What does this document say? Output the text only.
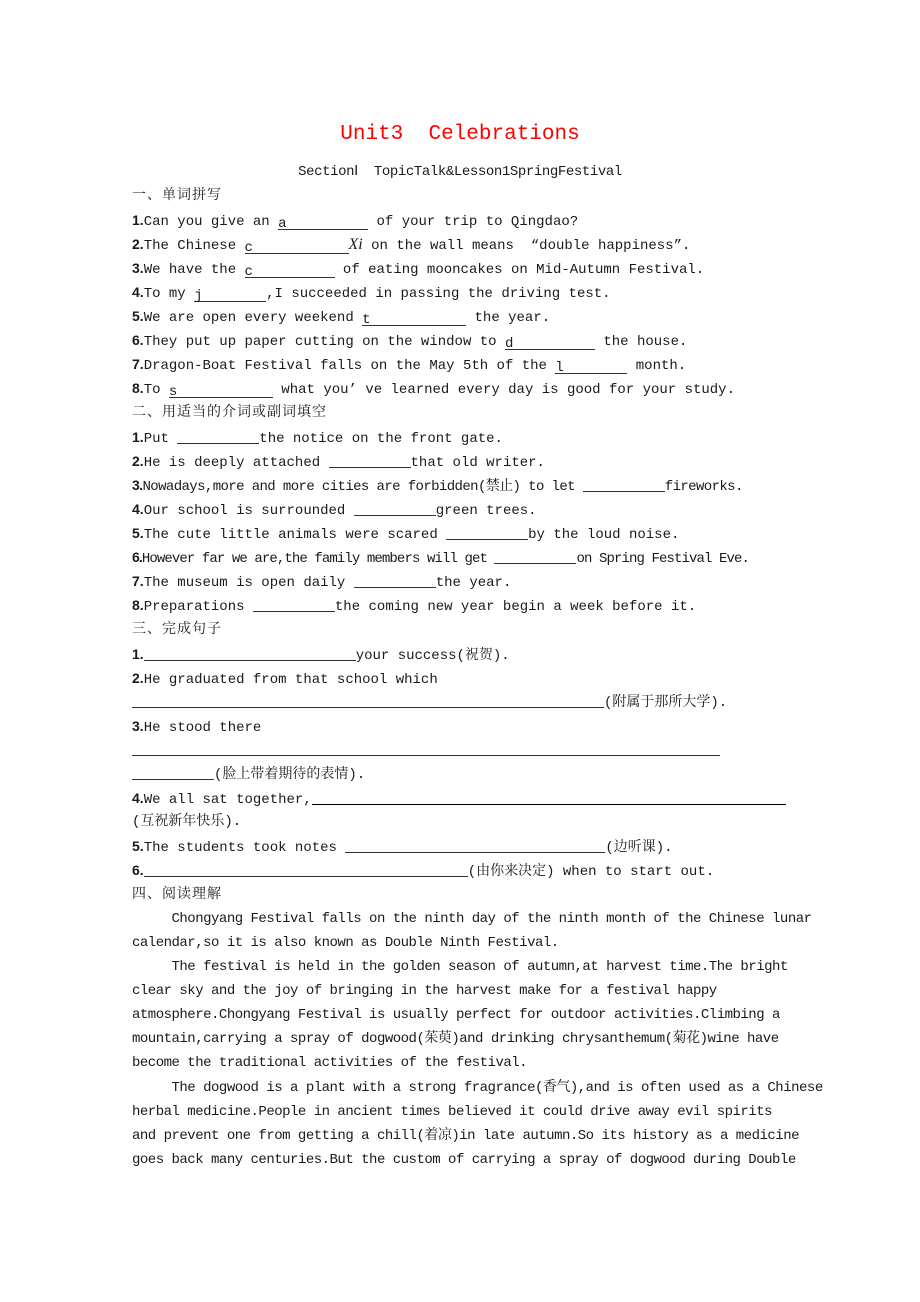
Unit3  Celebrations
SectionⅠ  TopicTalk&Lesson1SpringFestival
一、单词拼写
1.Can you give an a	of your trip to Qingdao?
2.The Chinese c	Xi on the wall means  “double happiness”.
3.We have the c	of eating mooncakes on Mid-Autumn Festival.
4.To my j	,I succeeded in passing the driving test.
5.We are open every weekend t	the year.
6.They put up paper cutting on the window to d	the house.
7.Dragon-Boat Festival falls on the May 5th of the l	month.
8.To s	what you’ ve learned every day is good for your study.
二、用适当的介词或副词填空
1.Put	the notice on the front gate.
2.He is deeply attached	that old writer.
3.Nowadays,more and more cities are forbidden(禁止) to let	fireworks.
4.Our school is surrounded	green trees.
5.The cute little animals were scared	by the loud noise.
6.However far we are,the family members will get	on Spring Festival Eve.
7.The museum is open daily	the year.
8.Preparations	the coming new year begin a week before it.
三、完成句子
1.	your success(祝贺).
2.He graduated from that school which
(附属于那所大学).
3.He stood there
(脸上带着期待的表情).
4.We all sat together,
(互祝新年快乐).
5.The students took notes	(边听课).
6.	(由你来决定) when to start out.
四、阅读理解
Chongyang Festival falls on the ninth day of the ninth month of the Chinese lunar
calendar,so it is also known as Double Ninth Festival.
The festival is held in the golden season of autumn,at harvest time.The bright
clear sky and the joy of bringing in the harvest make for a festival happy
atmosphere.Chongyang Festival is usually perfect for outdoor activities.Climbing a
mountain,carrying a spray of dogwood(茱萸)and drinking chrysanthemum(菊花)wine have
become the traditional activities of the festival.
The dogwood is a plant with a strong fragrance(香气),and is often used as a Chinese
herbal medicine.People in ancient times believed it could drive away evil spirits
and prevent one from getting a chill(着凉)in late autumn.So its history as a medicine
goes back many centuries.But the custom of carrying a spray of dogwood during Double
